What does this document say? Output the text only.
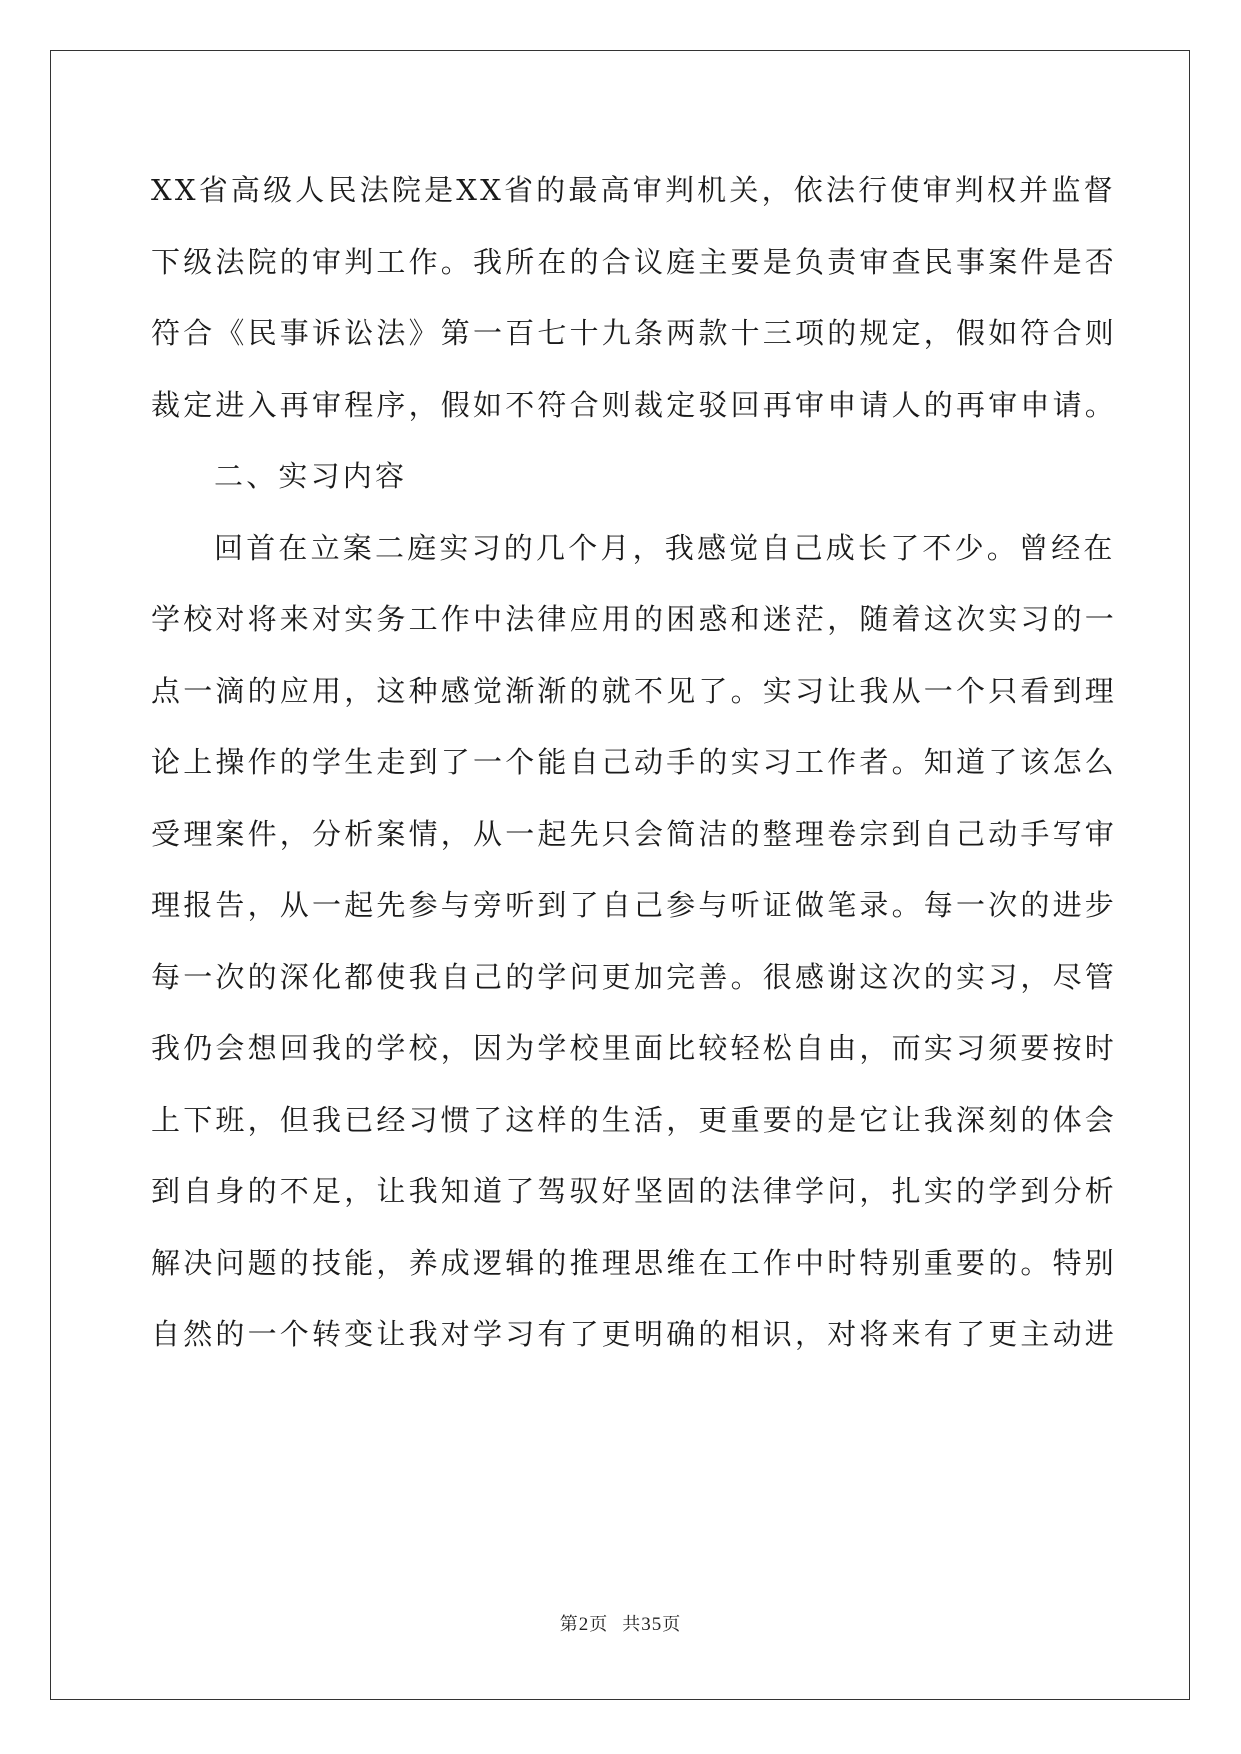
XX省高级人民法院是XX省的最高审判机关，依法行使审判权并监督
下级法院的审判工作。我所在的合议庭主要是负责审查民事案件是否
符合《民事诉讼法》第一百七十九条两款十三项的规定，假如符合则
裁定进入再审程序，假如不符合则裁定驳回再审申请人的再审申请。
二、实习内容
回首在立案二庭实习的几个月，我感觉自己成长了不少。曾经在
学校对将来对实务工作中法律应用的困惑和迷茫，随着这次实习的一
点一滴的应用，这种感觉渐渐的就不见了。实习让我从一个只看到理
论上操作的学生走到了一个能自己动手的实习工作者。知道了该怎么
受理案件，分析案情，从一起先只会简洁的整理卷宗到自己动手写审
理报告，从一起先参与旁听到了自己参与听证做笔录。每一次的进步
每一次的深化都使我自己的学问更加完善。很感谢这次的实习，尽管
我仍会想回我的学校，因为学校里面比较轻松自由，而实习须要按时
上下班，但我已经习惯了这样的生活，更重要的是它让我深刻的体会
到自身的不足，让我知道了驾驭好坚固的法律学问，扎实的学到分析
解决问题的技能，养成逻辑的推理思维在工作中时特别重要的。特别
自然的一个转变让我对学习有了更明确的相识，对将来有了更主动进
第2页 共35页
